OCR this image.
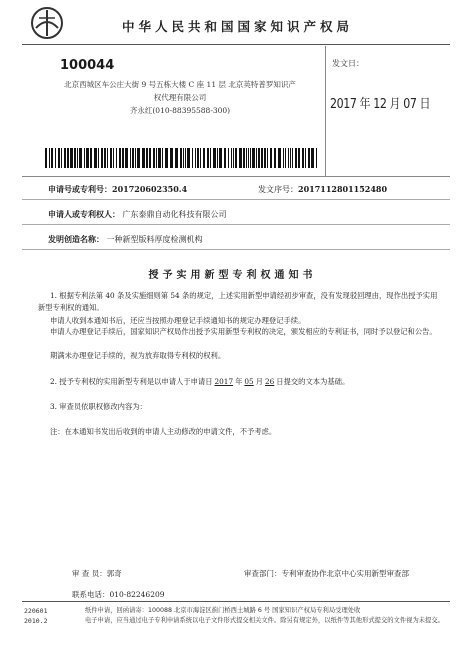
中华人民共和国国家知识产权局
100044
北京西城区车公庄大街 9 号五栋大楼 C 座 11 层 北京英特普罗知识产
权代理有限公司
齐永红(010-88395588-300)
发文日：
2017 年 12 月 07 日
申请号或专利号：201720602350.4	发文序号：2017112801152480
申请人或专利权人： 广东泰鼎自动化科技有限公司
发明创造名称： 一种新型版料厚度检测机构
授予实用新型专利权通知书
1. 根据专利法第 40 条及实施细则第 54 条的规定，上述实用新型申请经初步审查，没有发现驳回理由，现作出授予实用新型专利权的通知。
申请人收到本通知书后，还应当按照办理登记手续通知书的规定办理登记手续。
申请人办理登记手续后，国家知识产权局作出授予实用新型专利权的决定，颁发相应的专利证书，同时予以登记和公告。
期满未办理登记手续的，视为放弃取得专利权的权利。
2. 授予专利权的实用新型专利是以申请人于申请日 2017 年 05 月 26 日提交的文本为基础。
3. 审查员依职权修改内容为：
注：在本通知书发出后收到的申请人主动修改的申请文件，不予考虑。
审 查 员：郭奇	审查部门：专利审查协作北京中心实用新型审查部
联系电话：010-82246209
220601
2010.2
纸件申请，回函请寄：100088 北京市海淀区蓟门桥西土城路 6 号 国家知识产权局专利局受理处收
电子申请，应当通过电子专利申请系统以电子文件形式提交相关文件。除另有规定外，以纸件等其他形式提交的文件视为未提交。
